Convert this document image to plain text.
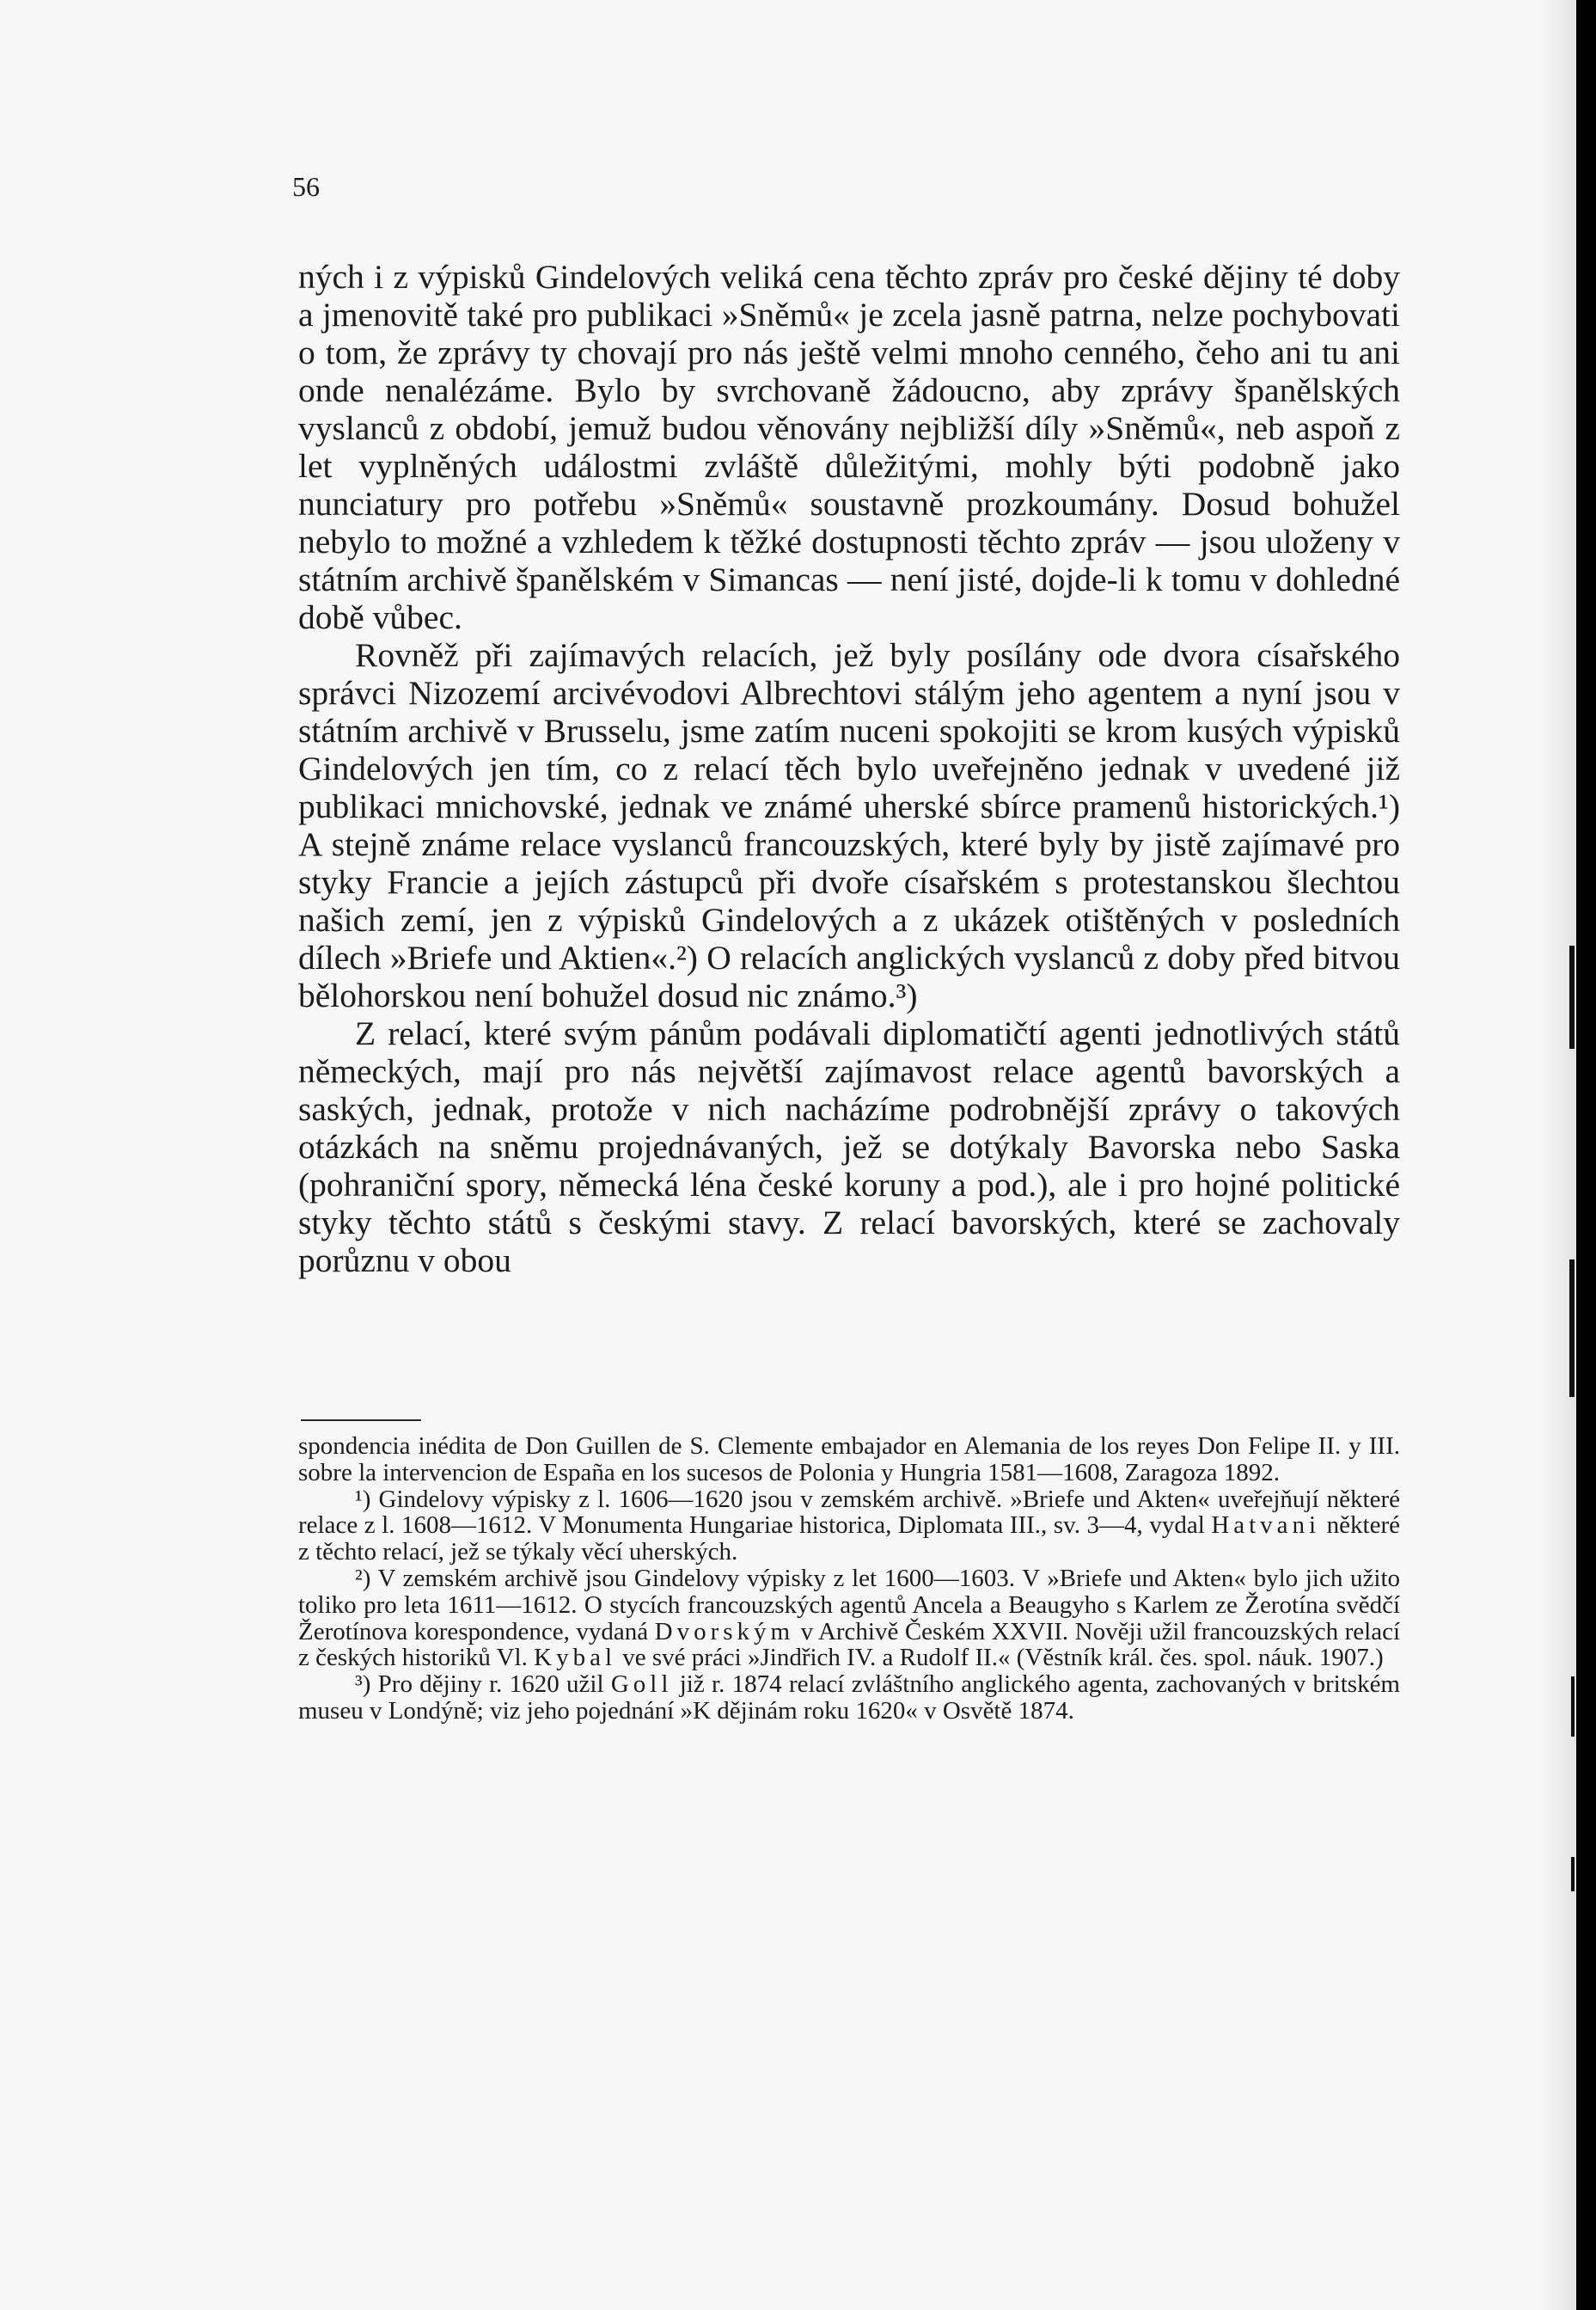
56

ných i z výpisků Gindelových veliká cena těchto zpráv pro české dějiny té doby a jmenovitě také pro publikaci »Sněmů« je zcela jasně patrna, nelze pochybovati o tom, že zprávy ty chovají pro nás ještě velmi mnoho cenného, čeho ani tu ani onde nenalézáme. Bylo by svrchovaně žádoucno, aby zprávy španělských vyslanců z období, jemuž budou věnovány nejbližší díly »Sněmů«, neb aspoň z let vyplněných událostmi zvláště důležitými, mohly býti podobně jako nunciatury pro potřebu »Sněmů« soustavně prozkoumány. Dosud bohužel nebylo to možné a vzhledem k těžké dostupnosti těchto zpráv — jsou uloženy v státním archivě španělském v Simancas — není jisté, dojde-li k tomu v dohledné době vůbec.

Rovněž při zajímavých relacích, jež byly posílány ode dvora císařského správci Nizozemí arcivévodovi Albrechtovi stálým jeho agentem a nyní jsou v státním archivě v Brusselu, jsme zatím nuceni spokojiti se krom kusých výpisků Gindelových jen tím, co z relací těch bylo uveřejněno jednak v uvedené již publikaci mnichovské, jednak ve známé uherské sbírce pramenů historických.¹) A stejně známe relace vyslanců francouzských, které byly by jistě zajímavé pro styky Francie a jejích zástupců při dvoře císařském s protestanskou šlechtou našich zemí, jen z výpisků Gindelových a z ukázek otištěných v posledních dílech »Briefe und Aktien«.²) O relacích anglických vyslanců z doby před bitvou bělohorskou není bohužel dosud nic známo.³)

Z relací, které svým pánům podávali diplomatičtí agenti jednotlivých států německých, mají pro nás největší zajímavost relace agentů bavorských a saských, jednak, protože v nich nacházíme podrobnější zprávy o takových otázkách na sněmu projednávaných, jež se dotýkaly Bavorska nebo Saska (pohraniční spory, německá léna české koruny a pod.), ale i pro hojné politické styky těchto států s českými stavy. Z relací bavorských, které se zachovaly porůznu v obou

spondencia inédita de Don Guillen de S. Clemente embajador en Alemania de los reyes Don Felipe II. y III. sobre la intervencion de España en los sucesos de Polonia y Hungria 1581—1608, Zaragoza 1892.

¹) Gindelovy výpisky z l. 1606—1620 jsou v zemském archivě. »Briefe und Akten« uveřejňují některé relace z l. 1608—1612. V Monumenta Hungariae historica, Diplomata III., sv. 3—4, vydal Hatvani některé z těchto relací, jež se týkaly věcí uherských.

²) V zemském archivě jsou Gindelovy výpisky z let 1600—1603. V »Briefe und Akten« bylo jich užito toliko pro leta 1611—1612. O stycích francouzských agentů Ancela a Beaugyho s Karlem ze Žerotína svědčí Žerotínova korespondence, vydaná Dvorským v Archivě Českém XXVII. Nověji užil francouzských relací z českých historiků Vl. Kybal ve své práci »Jindřich IV. a Rudolf II.« (Věstník král. čes. spol. náuk. 1907.)

³) Pro dějiny r. 1620 užil Goll již r. 1874 relací zvláštního anglického agenta, zachovaných v britském museu v Londýně; viz jeho pojednání »K dějinám roku 1620« v Osvětě 1874.
